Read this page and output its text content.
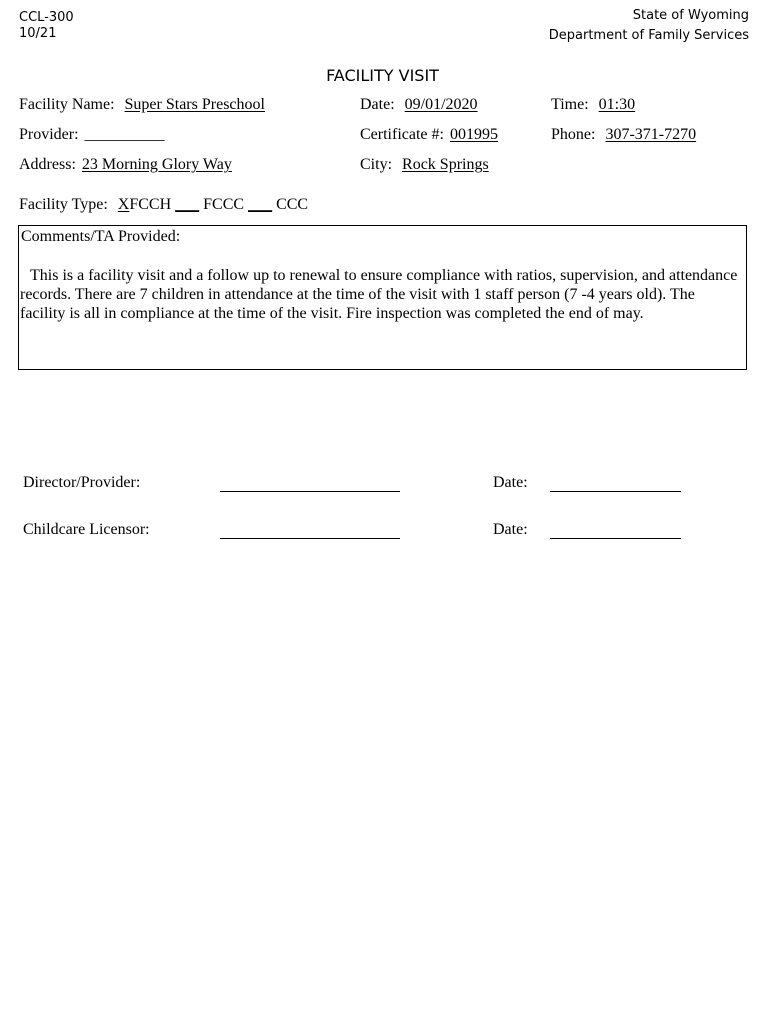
CCL-300
10/21
State of Wyoming
Department of Family Services
FACILITY VISIT
Facility Name: Super Stars Preschool	Date: 09/01/2020	Time: 01:30
Provider: __________	Certificate #: 001995	Phone: 307-371-7270
Address: 23 Morning Glory Way	City: Rock Springs
Facility Type: XFCCH ___ FCCC ___ CCC
Comments/TA Provided:
This is a facility visit and a follow up to renewal to ensure compliance with ratios, supervision, and attendance records. There are 7 children in attendance at the time of the visit with 1 staff person (7 -4 years old). The facility is all in compliance at the time of the visit. Fire inspection was completed the end of may.
Director/Provider:	Date:
Childcare Licensor:	Date:
